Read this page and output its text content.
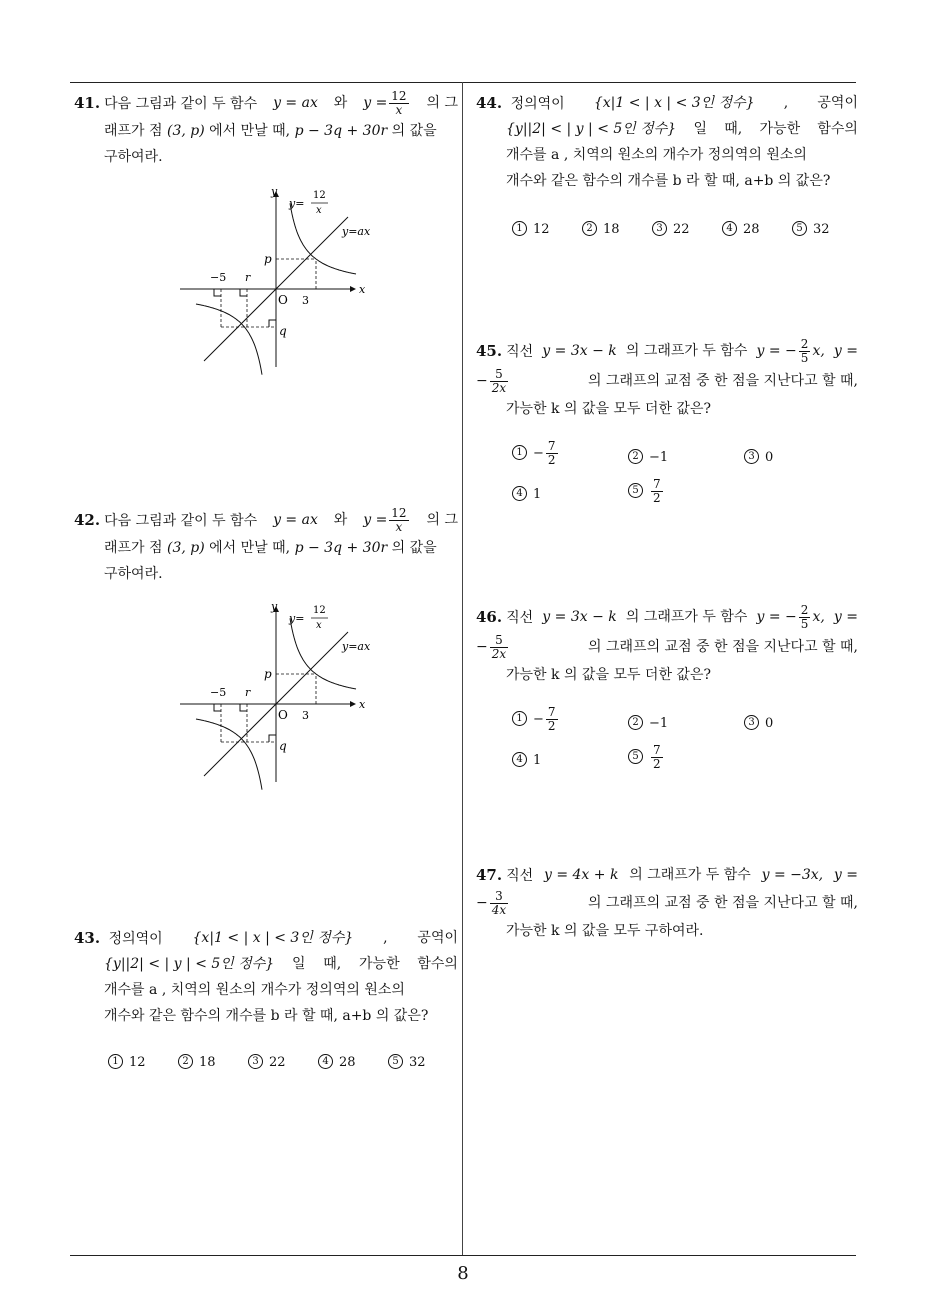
8
41. 다음 그림과 같이 두 함수 y = ax 와 $y = \frac{12}{x}$ 의 그
래프가 점 (3, p) 에서 만날 때, p − 3q + 30r 의 값을
구하여라.
y
x
O 3
−5 r
p
q
y=ax
y=
12
x
42. 다음 그림과 같이 두 함수 y = ax 와 $y = \frac{12}{x}$ 의 그
래프가 점 (3, p) 에서 만날 때, p − 3q + 30r 의 값을
구하여라.
y
x
O 3
−5 r
p
q
y=ax
y=
12
x
43. 정의역이 {x|1 < | x | < 3인 정수} , 공역이
{y||2| < | y | < 5인 정수} 일 때, 가능한 함수의
개수를 a , 치역의 원소의 개수가 정의역의 원소의
개수와 같은 함수의 개수를 b 라 할 때, a+b 의 값은?
1 12	2 18	3 22	4 28	5 32
44. 정의역이 {x|1 < | x | < 3인 정수} , 공역이
{y||2| < | y | < 5인 정수} 일 때, 가능한 함수의
개수를 a , 치역의 원소의 개수가 정의역의 원소의
개수와 같은 함수의 개수를 b 라 할 때, a+b 의 값은?
1 12	2 18	3 22	4 28	5 32
45. 직선 y = 3x − k 의 그래프가 두 함수 y = − $\frac{2}{5} x$, y =
− $\frac{5}{2x}$	의 그래프의 교점 중 한 점을 지난다고 할 때,
가능한 k 의 값을 모두 더한 값은?
$1 - \frac{7}{2}$	2 −1	3 0
4 1	$5 \frac{7}{2}$
46. 직선 y = 3x − k 의 그래프가 두 함수 y = − $\frac{2}{5} x$, y =
− $\frac{5}{2x}$	의 그래프의 교점 중 한 점을 지난다고 할 때,
가능한 k 의 값을 모두 더한 값은?
$1 - \frac{7}{2}$	2 −1	3 0
4 1	$5 \frac{7}{2}$
47. 직선 y = 4x + k 의 그래프가 두 함수 y = −3x, y =
− $\frac{3}{4x}$	의 그래프의 교점 중 한 점을 지난다고 할 때,
가능한 k 의 값을 모두 구하여라.
